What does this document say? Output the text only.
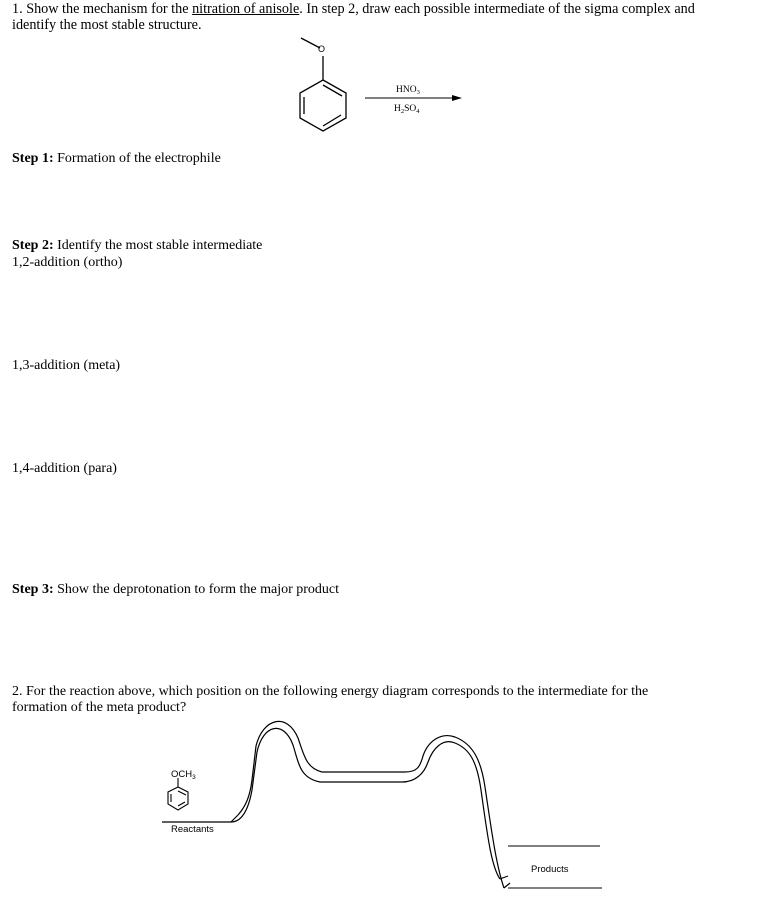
1. Show the mechanism for the nitration of anisole. In step 2, draw each possible intermediate of the sigma complex and
identify the most stable structure.
O
$HNO_3$
$H_2SO_4$
$OCH_3$
Reactants
Products
Step 1: Formation of the electrophile
Step 2: Identify the most stable intermediate
1,2-addition (ortho)
1,3-addition (meta)
1,4-addition (para)
Step 3: Show the deprotonation to form the major product
2. For the reaction above, which position on the following energy diagram corresponds to the intermediate for the
formation of the meta product?
